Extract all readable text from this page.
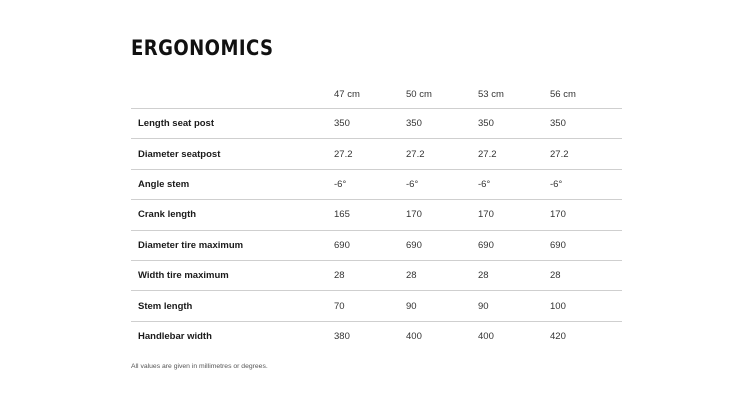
ERGONOMICS
	47 cm	50 cm	53 cm	56 cm
Length seat post	350	350	350	350
Diameter seatpost	27.2	27.2	27.2	27.2
Angle stem	-6°	-6°	-6°	-6°
Crank length	165	170	170	170
Diameter tire maximum	690	690	690	690
Width tire maximum	28	28	28	28
Stem length	70	90	90	100
Handlebar width	380	400	400	420

All values are given in millimetres or degrees.
